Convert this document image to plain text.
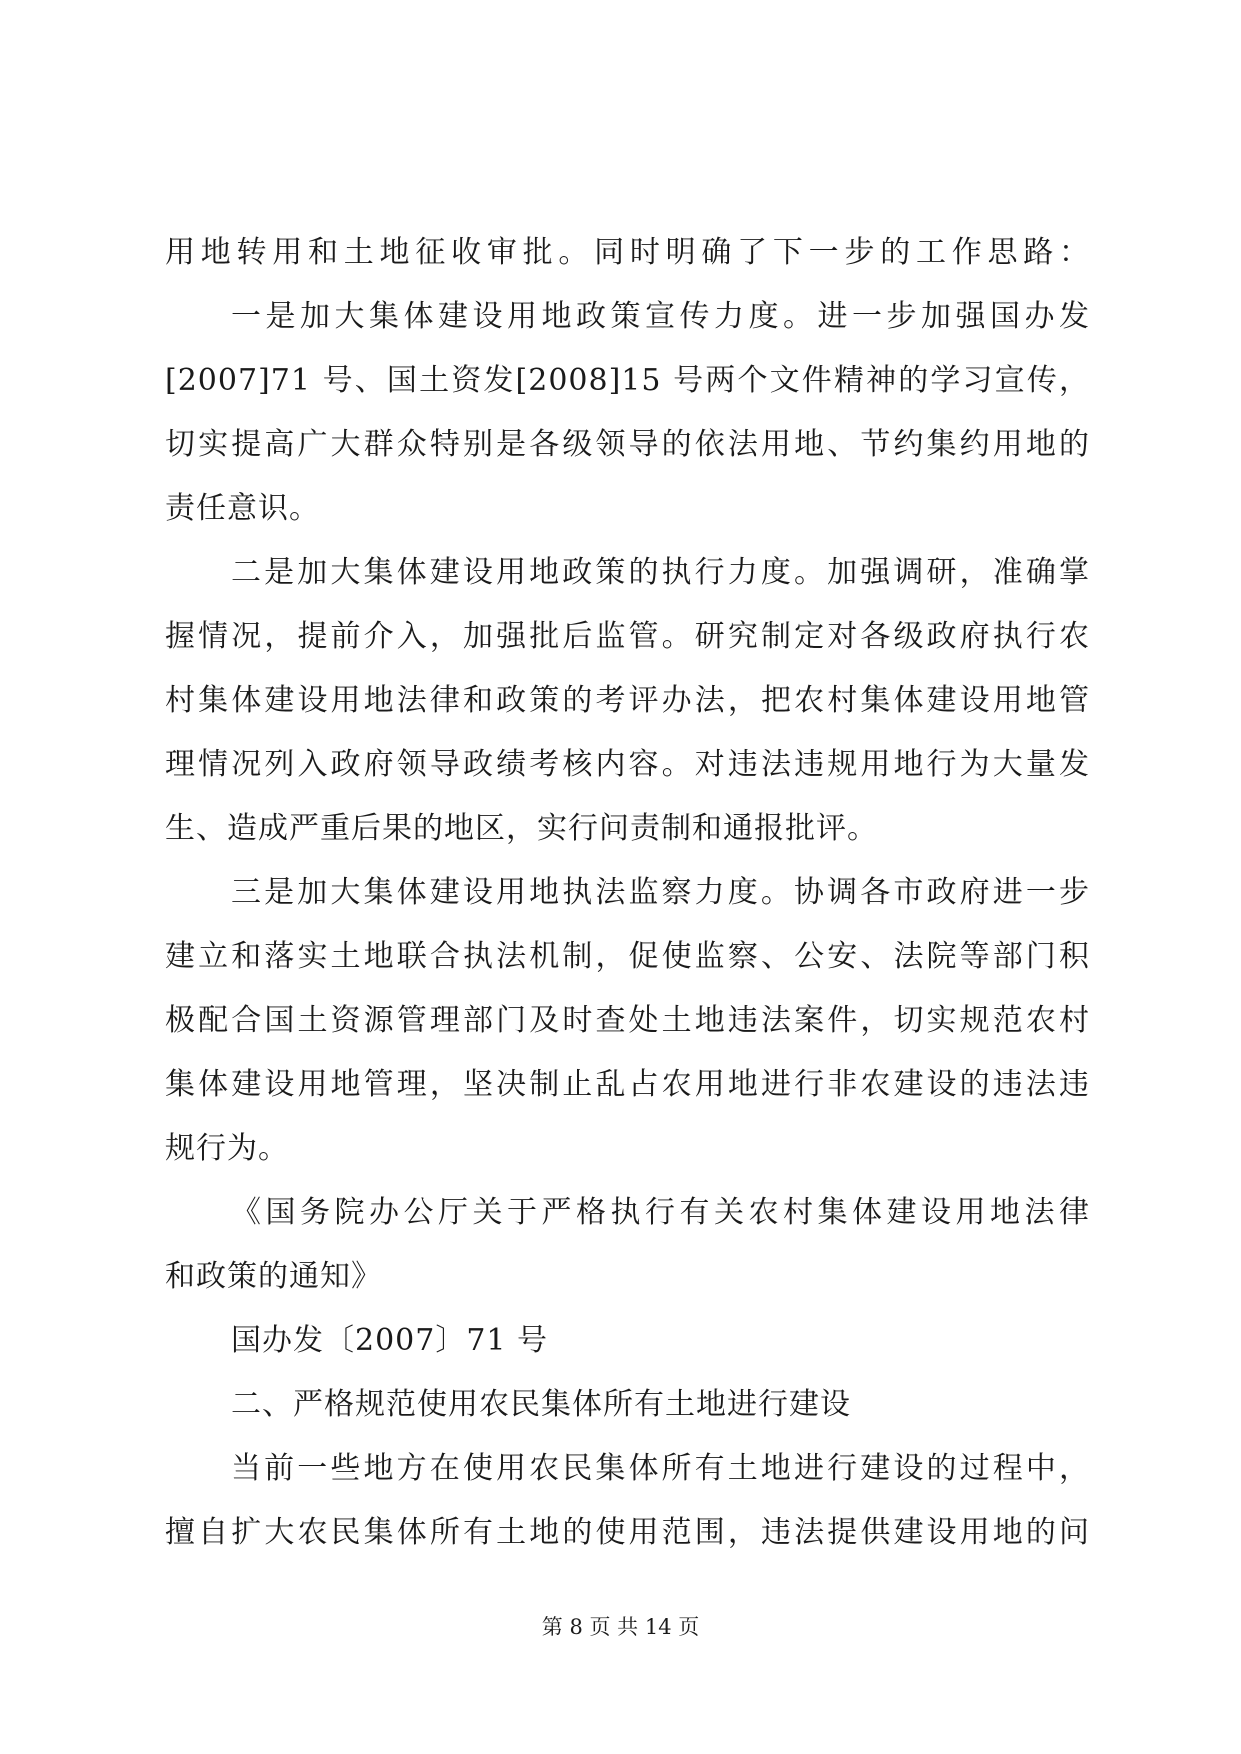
用地转用和土地征收审批。同时明确了下一步的工作思路：
一是加大集体建设用地政策宣传力度。进一步加强国办发
[2007]71 号、国土资发[2008]15 号两个文件精神的学习宣传，
切实提高广大群众特别是各级领导的依法用地、节约集约用地的
责任意识。
二是加大集体建设用地政策的执行力度。加强调研，准确掌
握情况，提前介入，加强批后监管。研究制定对各级政府执行农
村集体建设用地法律和政策的考评办法，把农村集体建设用地管
理情况列入政府领导政绩考核内容。对违法违规用地行为大量发
生、造成严重后果的地区，实行问责制和通报批评。
三是加大集体建设用地执法监察力度。协调各市政府进一步
建立和落实土地联合执法机制，促使监察、公安、法院等部门积
极配合国土资源管理部门及时查处土地违法案件，切实规范农村
集体建设用地管理，坚决制止乱占农用地进行非农建设的违法违
规行为。
《国务院办公厅关于严格执行有关农村集体建设用地法律
和政策的通知》
国办发〔2007〕71 号
二、严格规范使用农民集体所有土地进行建设
当前一些地方在使用农民集体所有土地进行建设的过程中，
擅自扩大农民集体所有土地的使用范围，违法提供建设用地的问
第 8 页 共 14 页
